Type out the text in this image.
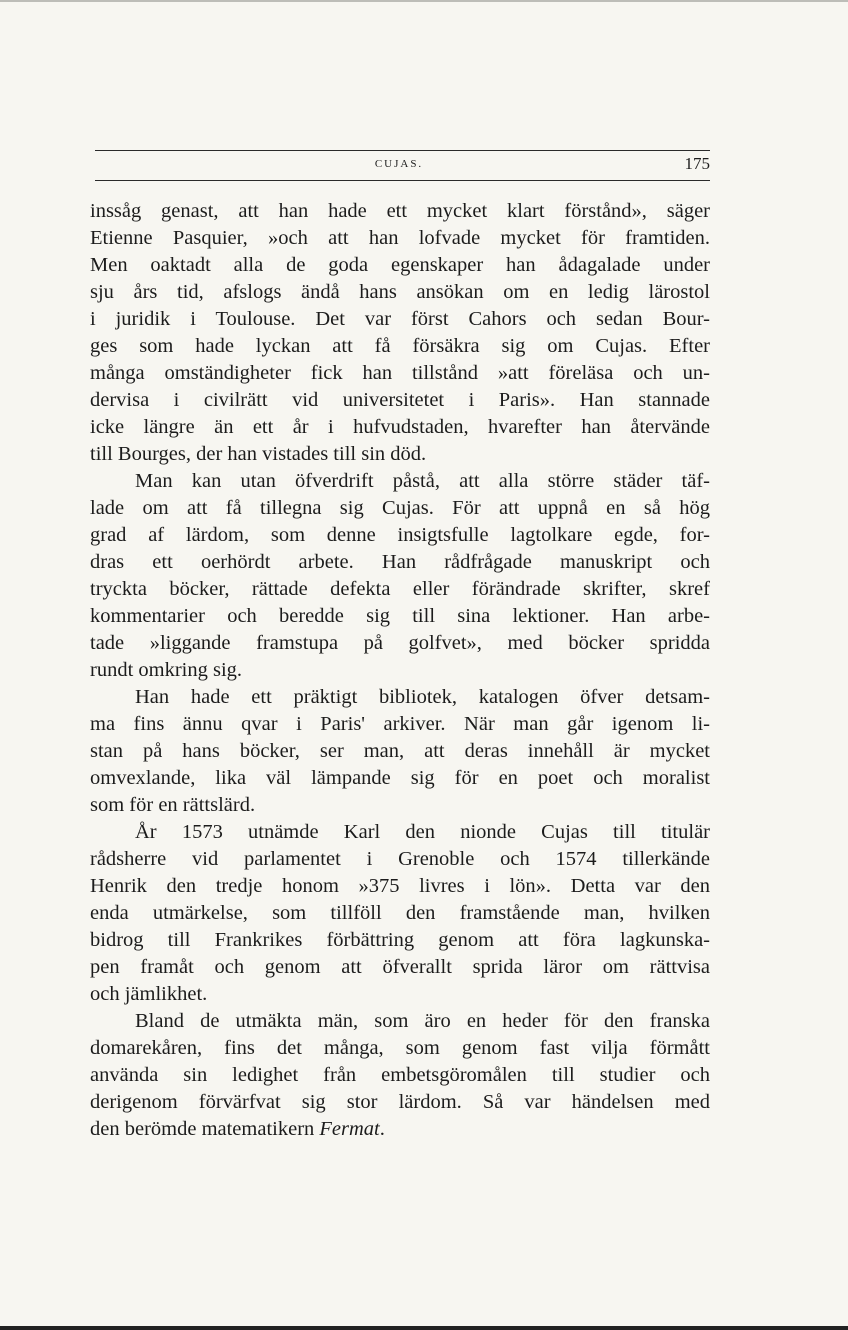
CUJAS.	175
inssåg genast, att han hade ett mycket klart förstånd», säger
Etienne Pasquier, »och att han lofvade mycket för framtiden.
Men oaktadt alla de goda egenskaper han ådagalade under
sju års tid, afslogs ändå hans ansökan om en ledig lärostol
i juridik i Toulouse. Det var först Cahors och sedan Bour-
ges som hade lyckan att få försäkra sig om Cujas. Efter
många omständigheter fick han tillstånd »att föreläsa och un-
dervisa i civilrätt vid universitetet i Paris». Han stannade
icke längre än ett år i hufvudstaden, hvarefter han återvände
till Bourges, der han vistades till sin död.
Man kan utan öfverdrift påstå, att alla större städer täf-
lade om att få tillegna sig Cujas. För att uppnå en så hög
grad af lärdom, som denne insigtsfulle lagtolkare egde, for-
dras ett oerhördt arbete. Han rådfrågade manuskript och
tryckta böcker, rättade defekta eller förändrade skrifter, skref
kommentarier och beredde sig till sina lektioner. Han arbe-
tade »liggande framstupa på golfvet», med böcker spridda
rundt omkring sig.
Han hade ett präktigt bibliotek, katalogen öfver detsam-
ma fins ännu qvar i Paris' arkiver. När man går igenom li-
stan på hans böcker, ser man, att deras innehåll är mycket
omvexlande, lika väl lämpande sig för en poet och moralist
som för en rättslärd.
År 1573 utnämde Karl den nionde Cujas till titulär
rådsherre vid parlamentet i Grenoble och 1574 tillerkände
Henrik den tredje honom »375 livres i lön». Detta var den
enda utmärkelse, som tillföll den framstående man, hvilken
bidrog till Frankrikes förbättring genom att föra lagkunska-
pen framåt och genom att öfverallt sprida läror om rättvisa
och jämlikhet.
Bland de utmäkta män, som äro en heder för den franska
domarekåren, fins det många, som genom fast vilja förmått
använda sin ledighet från embetsgöromålen till studier och
derigenom förvärfvat sig stor lärdom. Så var händelsen med
den berömde matematikern Fermat.
